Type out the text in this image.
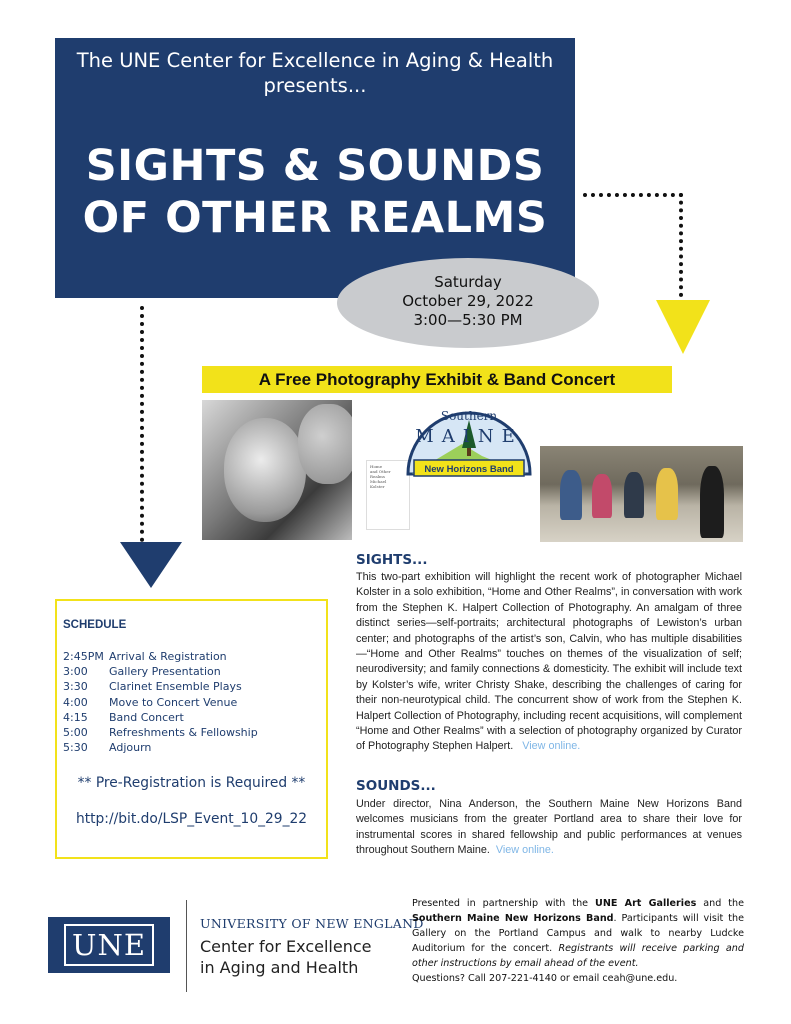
The UNE Center for Excellence in Aging & Health
presents...
SIGHTS & SOUNDS
OF OTHER REALMS
Saturday
October 29, 2022
3:00—5:30 PM
A Free Photography Exhibit & Band Concert
Home
and Other
Realms
Michael
Kolster
Southern
MAINE
New Horizons Band
SIGHTS...
This two-part exhibition will highlight the recent work of photographer Michael Kolster in a solo exhibition, “Home and Other Realms”, in conversation with work from the Stephen K. Halpert Collection of Photography. An amalgam of three distinct series—self-portraits; architectural photographs of Lewiston’s urban center; and photographs of the artist’s son, Calvin, who has multiple disabilities—“Home and Other Realms” touches on themes of the visualization of self; neurodiversity; and family connections & domesticity. The exhibit will include text by Kolster’s wife, writer Christy Shake, describing the challenges of caring for their non-neurotypical child. The concurrent show of work from the Stephen K. Halpert Collection of Photography, including recent acquisitions, will complement “Home and Other Realms” with a selection of photography organized by Curator of Photography Stephen Halpert. View online.
SOUNDS...
Under director, Nina Anderson, the Southern Maine New Horizons Band welcomes musicians from the greater Portland area to share their love for instrumental scores in shared fellowship and public performances at venues throughout Southern Maine. View online.
SCHEDULE
2:45PM Arrival & Registration
3:00	Gallery Presentation
3:30	Clarinet Ensemble Plays
4:00	Move to Concert Venue
4:15	Band Concert
5:00	Refreshments & Fellowship
5:30	Adjourn
** Pre-Registration is Required **
http://bit.do/LSP_Event_10_29_22
UNE
UNIVERSITY OF NEW ENGLAND
Center for Excellence
in Aging and Health
Presented in partnership with the UNE Art Galleries and the Southern Maine New Horizons Band. Participants will visit the Gallery on the Portland Campus and walk to nearby Ludcke Auditorium for the concert. Registrants will receive parking and other instructions by email ahead of the event.
Questions? Call 207-221-4140 or email ceah@une.edu.
